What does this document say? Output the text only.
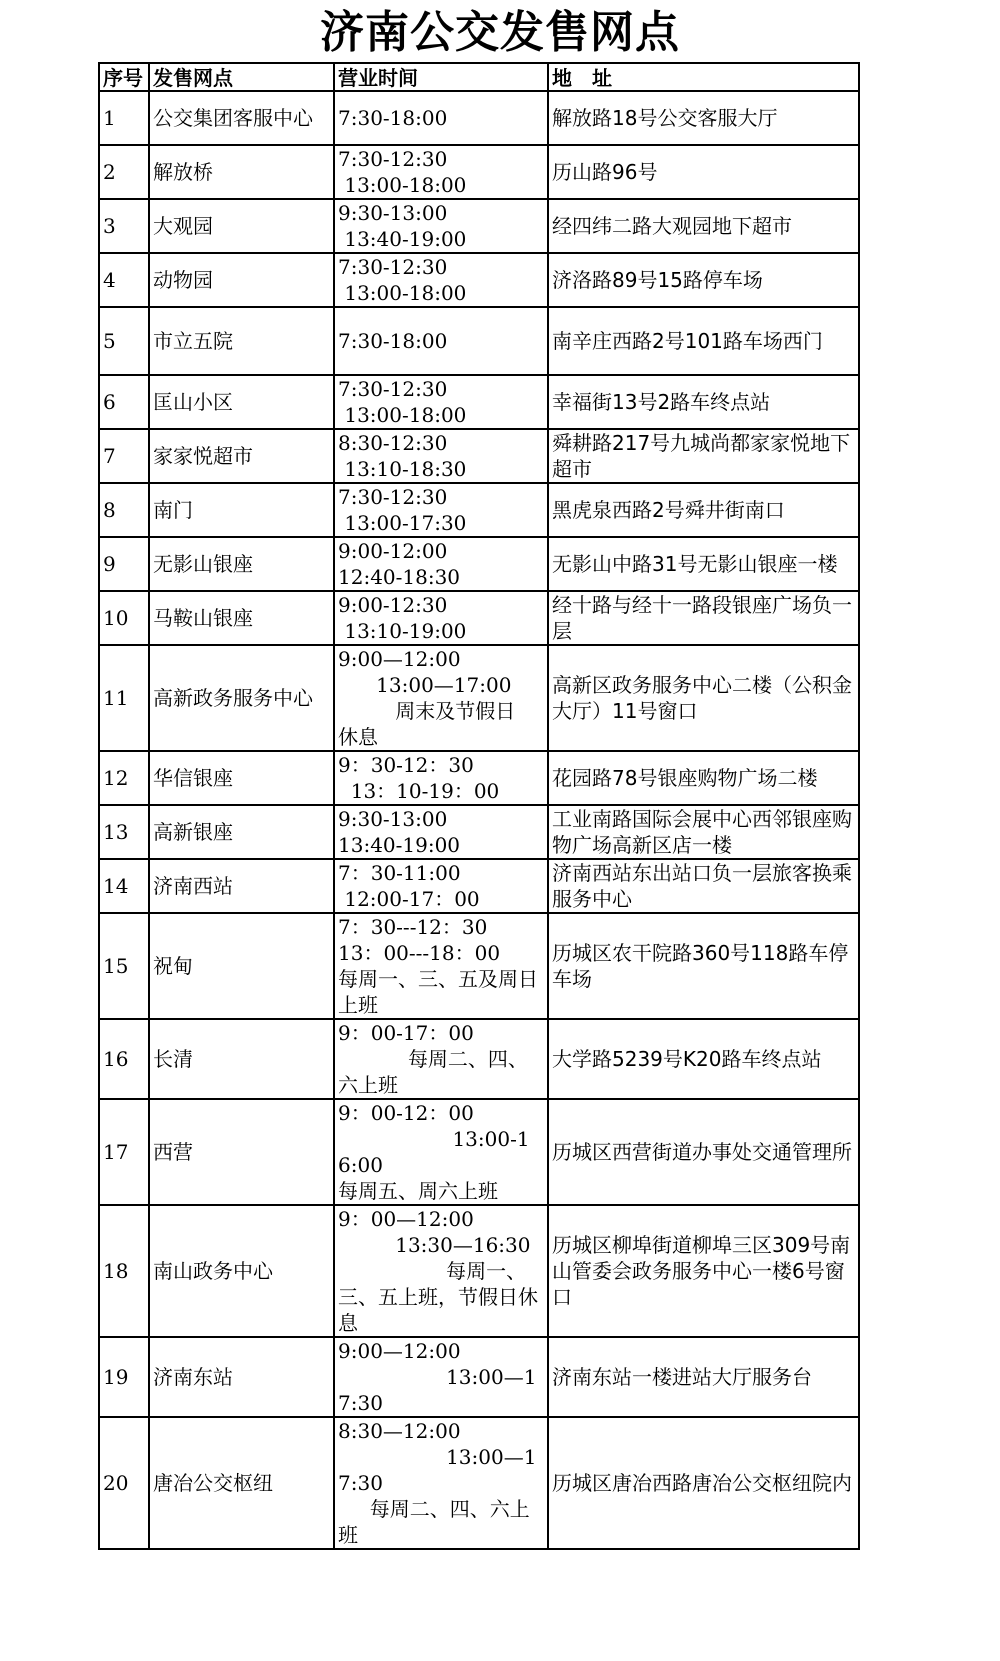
济南公交发售网点
序号	发售网点	营业时间	地　址
1	公交集团客服中心	7:30-18:00	解放路18号公交客服大厅
2	解放桥	7:30-12:30
13:00-18:00	历山路96号
3	大观园	9:30-13:00
13:40-19:00	经四纬二路大观园地下超市
4	动物园	7:30-12:30
13:00-18:00	济洛路89号15路停车场
5	市立五院	7:30-18:00	南辛庄西路2号101路车场西门
6	匡山小区	7:30-12:30
13:00-18:00	幸福街13号2路车终点站
7	家家悦超市	8:30-12:30
13:10-18:30	舜耕路217号九城尚都家家悦地下超市
8	南门	7:30-12:30
13:00-17:30	黑虎泉西路2号舜井街南口
9	无影山银座	9:00-12:00
12:40-18:30	无影山中路31号无影山银座一楼
10	马鞍山银座	9:00-12:30
13:10-19:00	经十路与经十一路段银座广场负一层
11	高新政务服务中心	9:00—12:00
13:00—17:00
周末及节假日
休息	高新区政务服务中心二楼（公积金大厅）11号窗口
12	华信银座	9：30-12：30
13：10-19：00	花园路78号银座购物广场二楼
13	高新银座	9:30-13:00
13:40-19:00	工业南路国际会展中心西邻银座购物广场高新区店一楼
14	济南西站	7：30-11:00
12:00-17：00	济南西站东出站口负一层旅客换乘服务中心
15	祝甸	7：30---12：30
13：00---18：00
每周一、三、五及周日上班	历城区农干院路360号118路车停车场
16	长清	9：00-17：00
每周二、四、六上班	大学路5239号K20路车终点站
17	西营	9：00-12：00
13:00-16:00
每周五、周六上班	历城区西营街道办事处交通管理所
18	南山政务中心	9：00—12:00
13:30—16:30
每周一、三、五上班，节假日休息	历城区柳埠街道柳埠三区309号南山管委会政务服务中心一楼6号窗口
19	济南东站	9:00—12:00
13:00—17:30	济南东站一楼进站大厅服务台
20	唐冶公交枢纽	8:30—12:00
13:00—17:30
每周二、四、六上班	历城区唐冶西路唐冶公交枢纽院内
